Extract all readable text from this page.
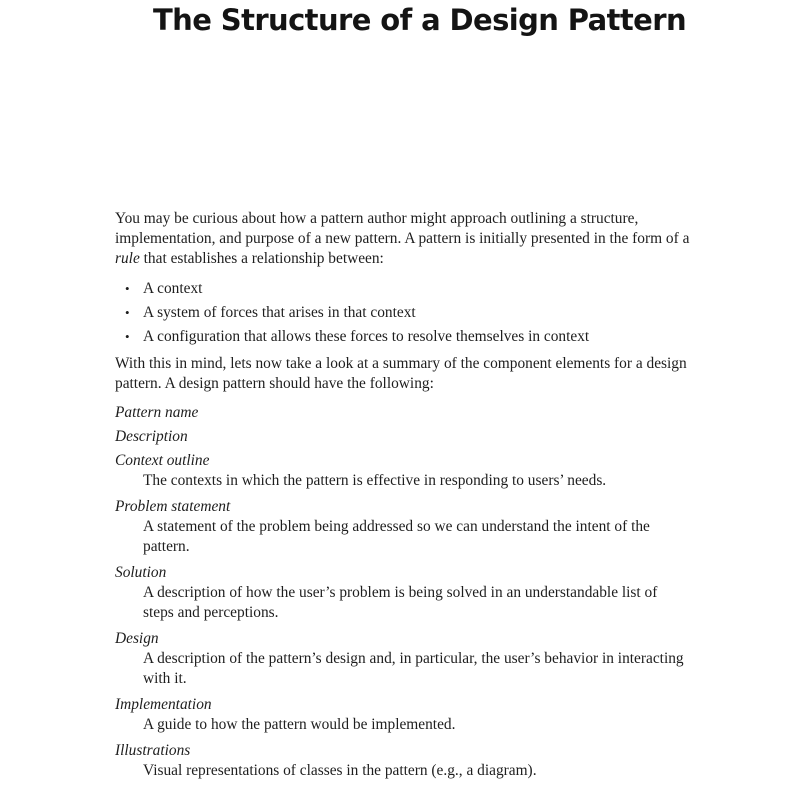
The Structure of a Design Pattern

You may be curious about how a pattern author might approach outlining a structure, implementation, and purpose of a new pattern. A pattern is initially presented in the form of a rule that establishes a relationship between:

• A context
• A system of forces that arises in that context
• A configuration that allows these forces to resolve themselves in context

With this in mind, lets now take a look at a summary of the component elements for a design pattern. A design pattern should have the following:

Pattern name
Description
Context outline
The contexts in which the pattern is effective in responding to users’ needs.
Problem statement
A statement of the problem being addressed so we can understand the intent of the pattern.
Solution
A description of how the user’s problem is being solved in an understandable list of steps and perceptions.
Design
A description of the pattern’s design and, in particular, the user’s behavior in interacting with it.
Implementation
A guide to how the pattern would be implemented.
Illustrations
Visual representations of classes in the pattern (e.g., a diagram).
